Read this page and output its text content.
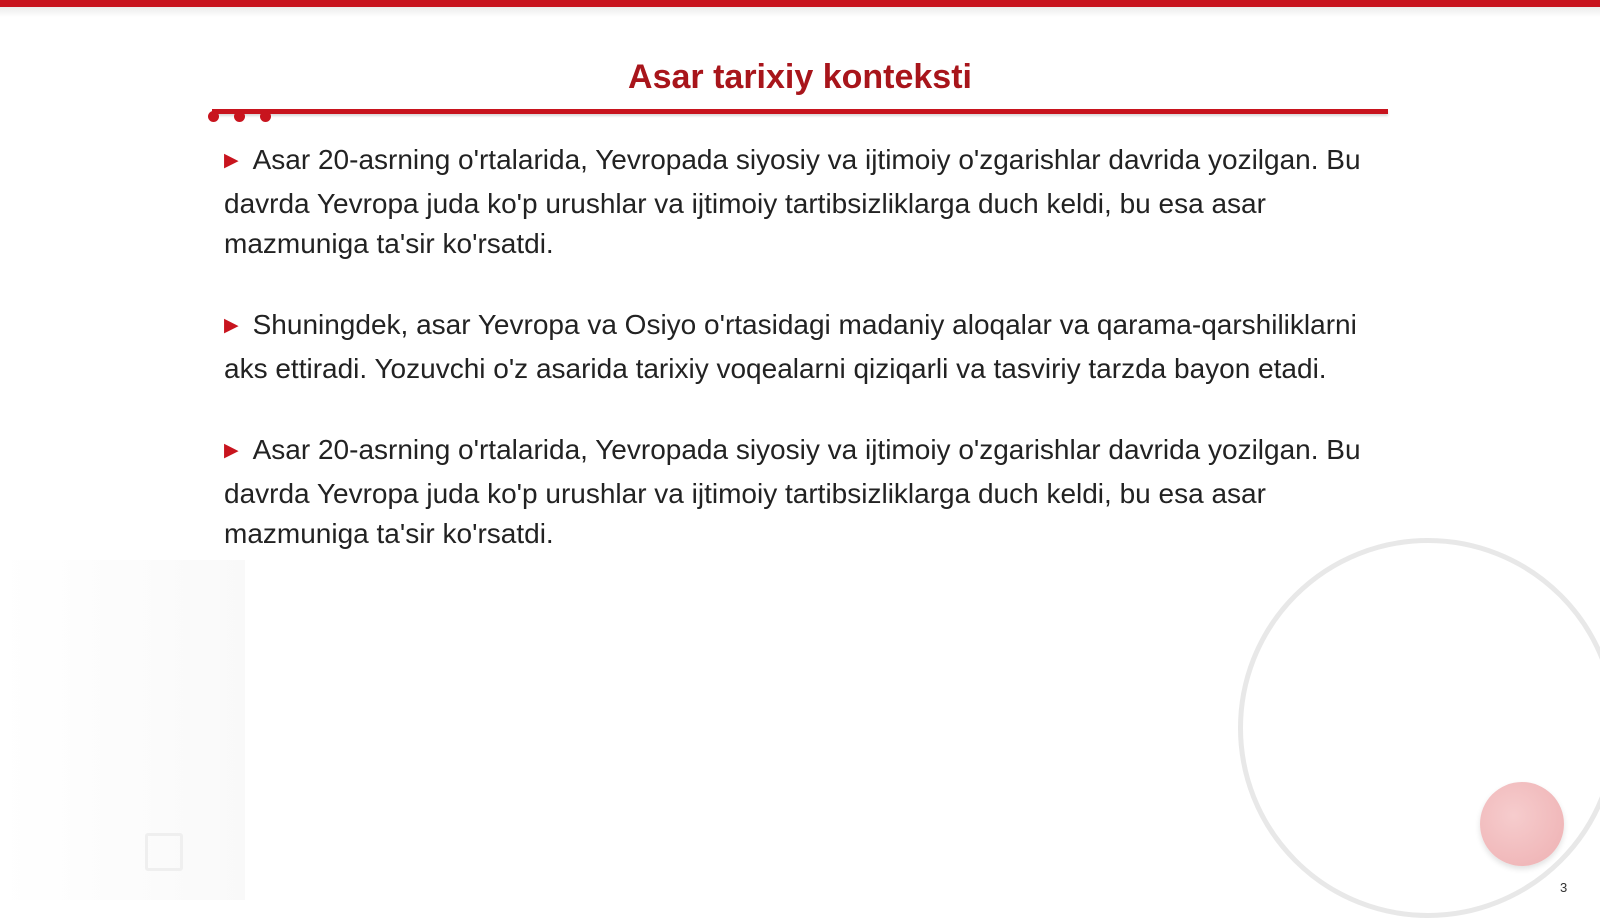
Asar tarixiy konteksti

▶ Asar 20-asrning o'rtalarida, Yevropada siyosiy va ijtimoiy o'zgarishlar davrida yozilgan. Bu davrda Yevropa juda ko'p urushlar va ijtimoiy tartibsizliklarga duch keldi, bu esa asar mazmuniga ta'sir ko'rsatdi.

▶ Shuningdek, asar Yevropa va Osiyo o'rtasidagi madaniy aloqalar va qarama-qarshiliklarni aks ettiradi. Yozuvchi o'z asarida tarixiy voqealarni qiziqarli va tasviriy tarzda bayon etadi.

▶ Asar 20-asrning o'rtalarida, Yevropada siyosiy va ijtimoiy o'zgarishlar davrida yozilgan. Bu davrda Yevropa juda ko'p urushlar va ijtimoiy tartibsizliklarga duch keldi, bu esa asar mazmuniga ta'sir ko'rsatdi.

3
